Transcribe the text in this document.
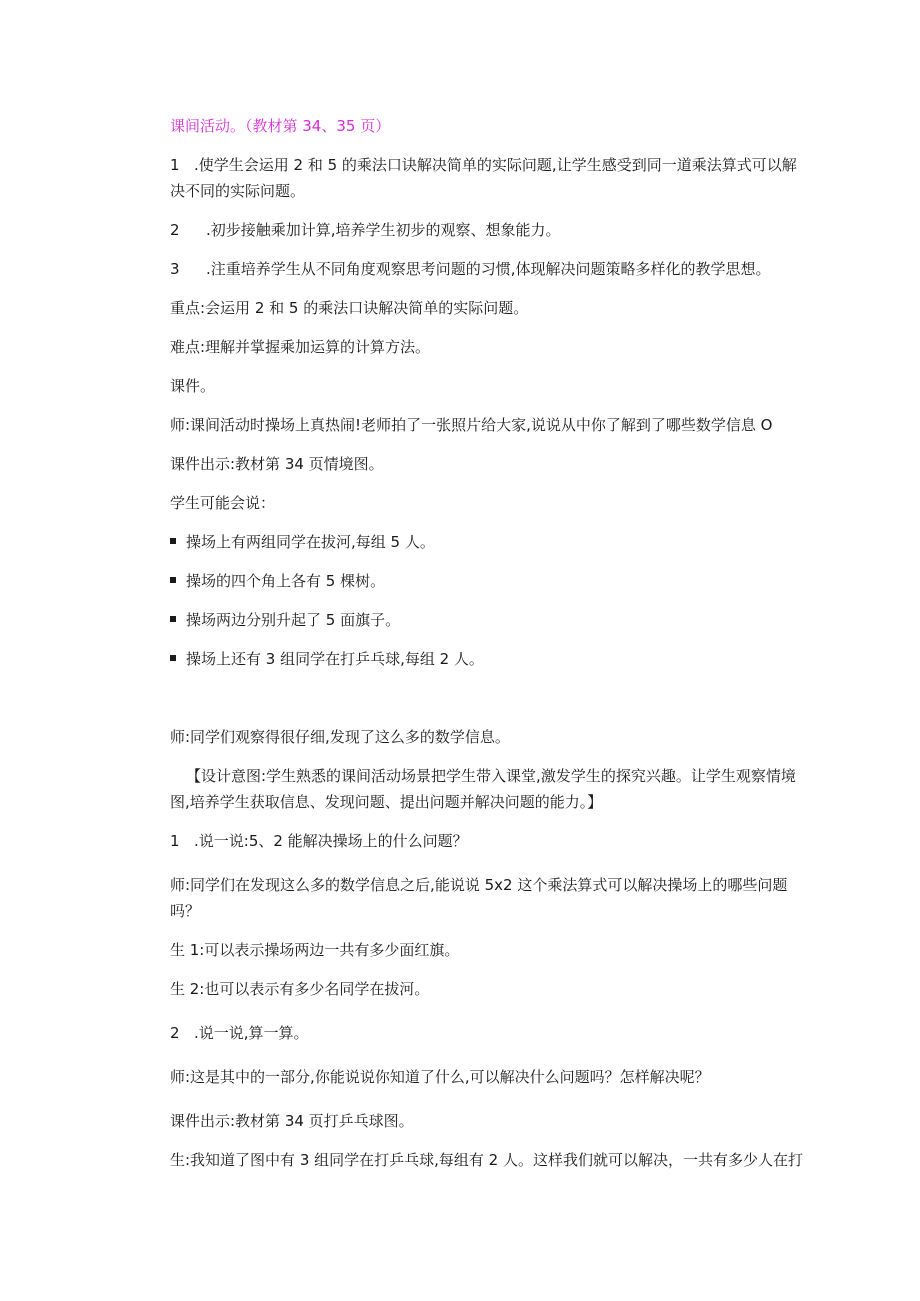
课间活动。（教材第 34、35 页）
1 .使学生会运用 2 和 5 的乘法口诀解决简单的实际问题,让学生感受到同一道乘法算式可以解
决不同的实际问题。
2 .初步接触乘加计算,培养学生初步的观察、想象能力。
3 .注重培养学生从不同角度观察思考问题的习惯,体现解决问题策略多样化的教学思想。
重点:会运用 2 和 5 的乘法口诀解决简单的实际问题。
难点:理解并掌握乘加运算的计算方法。
课件。
师:课间活动时操场上真热闹!老师拍了一张照片给大家,说说从中你了解到了哪些数学信息 O
课件出示:教材第 34 页情境图。
学生可能会说：
操场上有两组同学在拔河,每组 5 人。
操场的四个角上各有 5 棵树。
操场两边分别升起了 5 面旗子。
操场上还有 3 组同学在打乒乓球,每组 2 人。
师:同学们观察得很仔细,发现了这么多的数学信息。
【设计意图:学生熟悉的课间活动场景把学生带入课堂,激发学生的探究兴趣。让学生观察情境
图,培养学生获取信息、发现问题、提出问题并解决问题的能力。】
1 .说一说:5、2 能解决操场上的什么问题？
师:同学们在发现这么多的数学信息之后,能说说 5x2 这个乘法算式可以解决操场上的哪些问题
吗？
生 1:可以表示操场两边一共有多少面红旗。
生 2:也可以表示有多少名同学在拔河。
2 .说一说,算一算。
师:这是其中的一部分,你能说说你知道了什么,可以解决什么问题吗？怎样解决呢？
课件出示:教材第 34 页打乒乓球图。
生:我知道了图中有 3 组同学在打乒乓球,每组有 2 人。这样我们就可以解决，一共有多少人在打
